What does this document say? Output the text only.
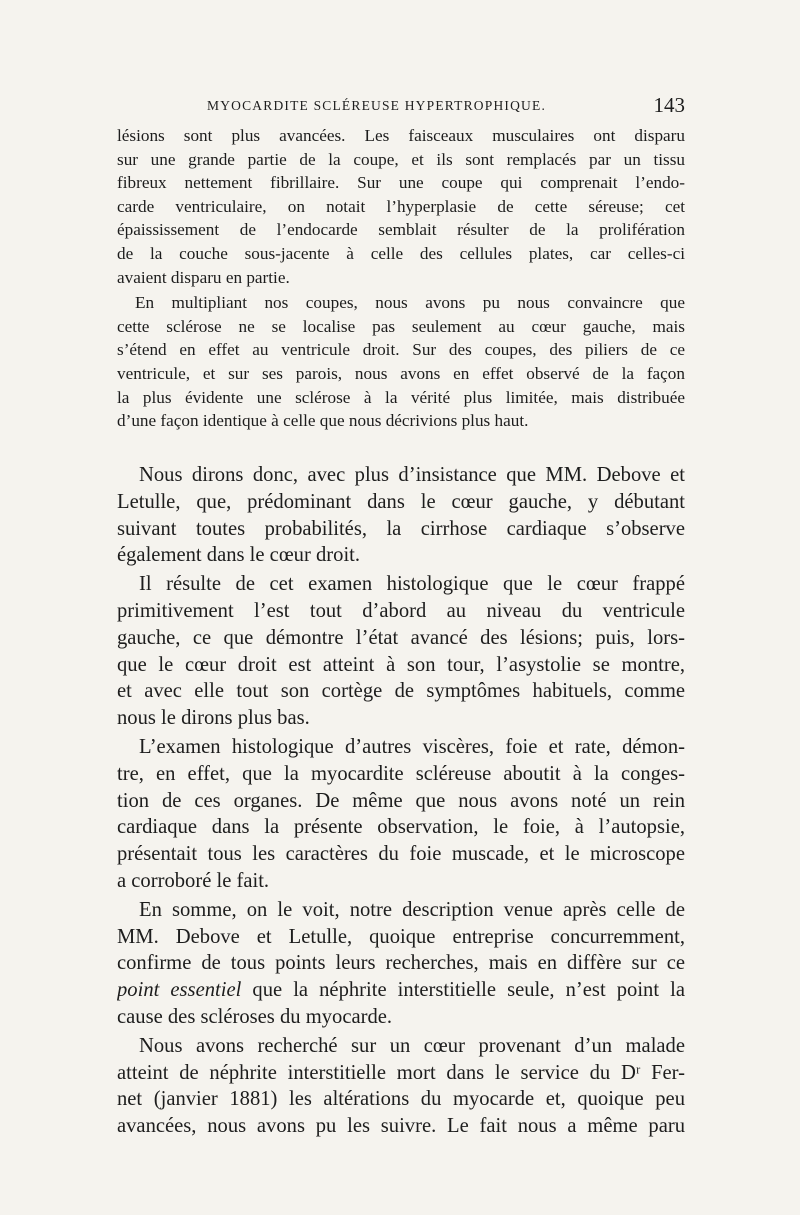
MYOCARDITE SCLÉREUSE HYPERTROPHIQUE.	143
lésions sont plus avancées. Les faisceaux musculaires ont disparu
sur une grande partie de la coupe, et ils sont remplacés par un tissu
fibreux nettement fibrillaire. Sur une coupe qui comprenait l’endo-
carde ventriculaire, on notait l’hyperplasie de cette séreuse; cet
épaississement de l’endocarde semblait résulter de la prolifération
de la couche sous-jacente à celle des cellules plates, car celles-ci
avaient disparu en partie.
En multipliant nos coupes, nous avons pu nous convaincre que
cette sclérose ne se localise pas seulement au cœur gauche, mais
s’étend en effet au ventricule droit. Sur des coupes, des piliers de ce
ventricule, et sur ses parois, nous avons en effet observé de la façon
la plus évidente une sclérose à la vérité plus limitée, mais distribuée
d’une façon identique à celle que nous décrivions plus haut.
Nous dirons donc, avec plus d’insistance que MM. Debove et
Letulle, que, prédominant dans le cœur gauche, y débutant
suivant toutes probabilités, la cirrhose cardiaque s’observe
également dans le cœur droit.
Il résulte de cet examen histologique que le cœur frappé
primitivement l’est tout d’abord au niveau du ventricule
gauche, ce que démontre l’état avancé des lésions; puis, lors-
que le cœur droit est atteint à son tour, l’asystolie se montre,
et avec elle tout son cortège de symptômes habituels, comme
nous le dirons plus bas.
L’examen histologique d’autres viscères, foie et rate, démon-
tre, en effet, que la myocardite scléreuse aboutit à la conges-
tion de ces organes. De même que nous avons noté un rein
cardiaque dans la présente observation, le foie, à l’autopsie,
présentait tous les caractères du foie muscade, et le microscope
a corroboré le fait.
En somme, on le voit, notre description venue après celle de
MM. Debove et Letulle, quoique entreprise concurremment,
confirme de tous points leurs recherches, mais en diffère sur ce
point essentiel que la néphrite interstitielle seule, n’est point la
cause des scléroses du myocarde.
Nous avons recherché sur un cœur provenant d’un malade
atteint de néphrite interstitielle mort dans le service du Dʳ Fer-
net (janvier 1881) les altérations du myocarde et, quoique peu
avancées, nous avons pu les suivre. Le fait nous a même paru
